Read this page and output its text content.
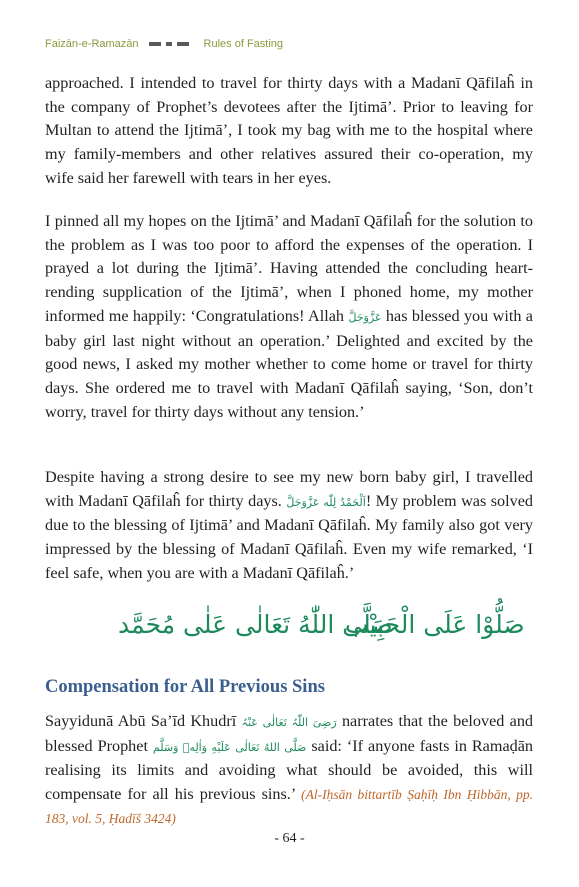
Faizān-e-Ramazān	Rules of Fasting

approached. I intended to travel for thirty days with a Madanī Qāfilaĥ in the company of Prophet’s devotees after the Ijtimā’. Prior to leaving for Multan to attend the Ijtimā’, I took my bag with me to the hospital where my family-members and other relatives assured their co-operation, my wife said her farewell with tears in her eyes.

I pinned all my hopes on the Ijtimā’ and Madanī Qāfilaĥ for the solution to the problem as I was too poor to afford the expenses of the operation. I prayed a lot during the Ijtimā’. Having attended the concluding heart-rending supplication of the Ijtimā’, when I phoned home, my mother informed me happily: ‘Congratulations! Allah عَزَّوَجَلَّ has blessed you with a baby girl last night without an operation.’ Delighted and excited by the good news, I asked my mother whether to come home or travel for thirty days. She ordered me to travel with Madanī Qāfilaĥ saying, ‘Son, don’t worry, travel for thirty days without any tension.’

Despite having a strong desire to see my new born baby girl, I travelled with Madanī Qāfilaĥ for thirty days. اَلْحَمْدُ لِلّٰه عَزَّوَجَلَّ! My problem was solved due to the blessing of Ijtimā’ and Madanī Qāfilaĥ. My family also got very impressed by the blessing of Madanī Qāfilaĥ. Even my wife remarked, ‘I feel safe, when you are with a Madanī Qāfilaĥ.’

صَلُّوْا عَلَى الْحَبِيْب
صَلَّى اللّٰهُ تَعَالٰى عَلٰى مُحَمَّد
Compensation for All Previous Sins

Sayyidunā Abū Sa’īd Khudrī رَضِیَ اللّٰہُ تَعَالٰی عَنْہُ narrates that the beloved and blessed Prophet صَلَّى اللهُ تَعَالٰى عَلَيْهِ وَاٰلِهٖ وَسَلَّم said: ‘If anyone fasts in Ramaḍān realising its limits and avoiding what should be avoided, this will compensate for all his previous sins.’ (Al-Iḥsān bittartīb Ṣaḥīḥ Ibn Ḥibbān, pp. 183, vol. 5, Ḥadīš 3424)

- 64 -
